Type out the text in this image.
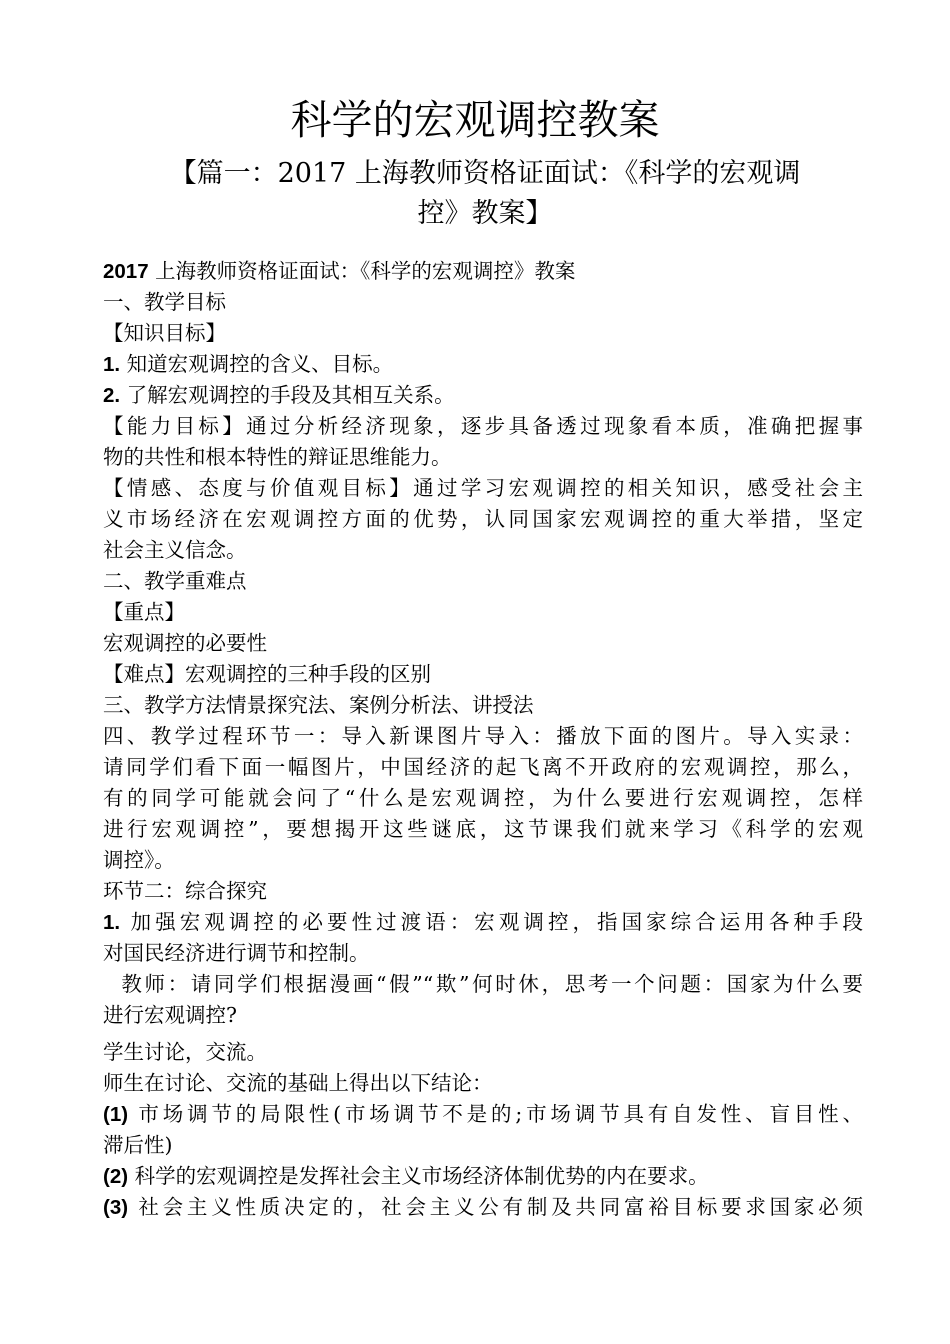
科学的宏观调控教案
【篇一：2017 上海教师资格证面试：《科学的宏观调
控》教案】
2017 上海教师资格证面试：《科学的宏观调控》教案
一、教学目标
【知识目标】
1. 知道宏观调控的含义、目标。
2. 了解宏观调控的手段及其相互关系。
【能力目标】通过分析经济现象，逐步具备透过现象看本质，准确把握事
物的共性和根本特性的辩证思维能力。
【情感、态度与价值观目标】通过学习宏观调控的相关知识，感受社会主
义市场经济在宏观调控方面的优势，认同国家宏观调控的重大举措，坚定
社会主义信念。
二、教学重难点
【重点】
宏观调控的必要性
【难点】宏观调控的三种手段的区别
三、教学方法情景探究法、案例分析法、讲授法
四、教学过程环节一：导入新课图片导入：播放下面的图片。导入实录：
请同学们看下面一幅图片，中国经济的起飞离不开政府的宏观调控，那么，
有的同学可能就会问了“什么是宏观调控，为什么要进行宏观调控，怎样
进行宏观调控”，要想揭开这些谜底，这节课我们就来学习《科学的宏观
调控》。
环节二：综合探究
1. 加强宏观调控的必要性过渡语：宏观调控，指国家综合运用各种手段
对国民经济进行调节和控制。
教师：请同学们根据漫画“假”“欺”何时休，思考一个问题：国家为什么要
进行宏观调控?
学生讨论，交流。
师生在讨论、交流的基础上得出以下结论：
(1) 市场调节的局限性(市场调节不是的;市场调节具有自发性、盲目性、
滞后性)
(2) 科学的宏观调控是发挥社会主义市场经济体制优势的内在要求。
(3) 社会主义性质决定的，社会主义公有制及共同富裕目标要求国家必须
